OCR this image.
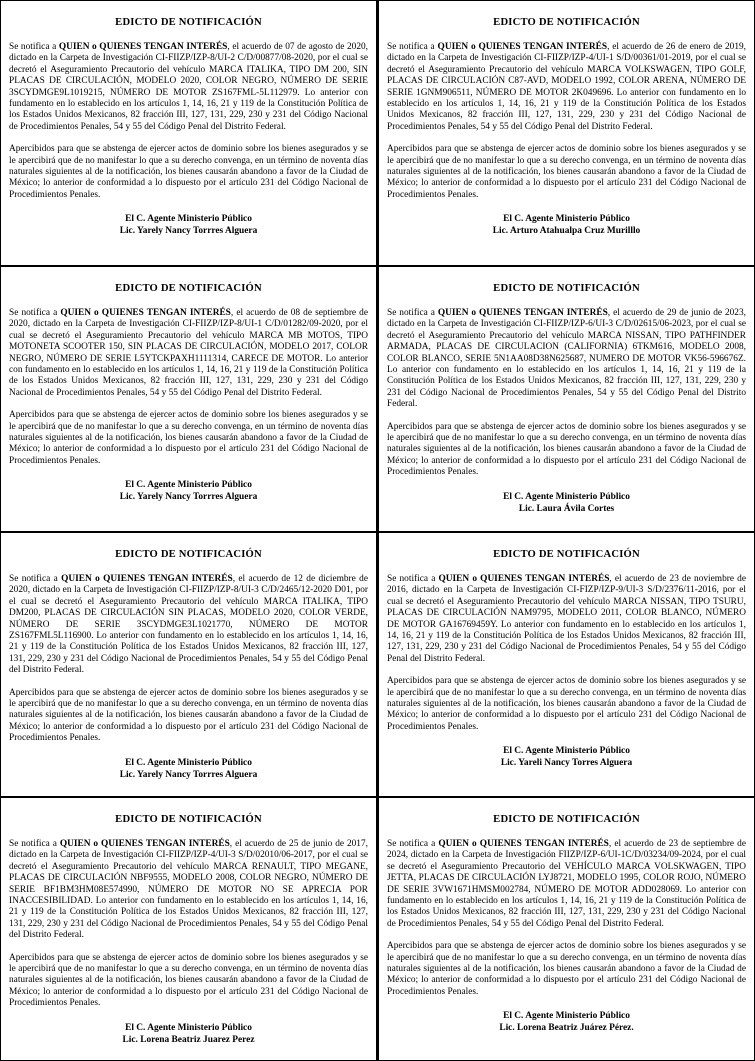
EDICTO DE NOTIFICACIÓN
Se notifica a QUIEN o QUIENES TENGAN INTERÉS, el acuerdo de 07 de agosto de 2020, dictado en la Carpeta de Investigación CI-FIIZP/IZP-8/UI-2 C/D/00877/08-2020, por el cual se decretó el Aseguramiento Precautorio del vehículo MARCA ITALIKA, TIPO DM 200, SIN PLACAS DE CIRCULACIÓN, MODELO 2020, COLOR NEGRO, NÚMERO DE SERIE 3SCYDMGE9L1019215, NÚMERO DE MOTOR ZS167FML-5L112979. Lo anterior con fundamento en lo establecido en los artículos 1, 14, 16, 21 y 119 de la Constitución Política de los Estados Unidos Mexicanos, 82 fracción III, 127, 131, 229, 230 y 231 del Código Nacional de Procedimientos Penales, 54 y 55 del Código Penal del Distrito Federal.
Apercibidos para que se abstenga de ejercer actos de dominio sobre los bienes asegurados y se le apercibirá que de no manifestar lo que a su derecho convenga, en un término de noventa días naturales siguientes al de la notificación, los bienes causarán abandono a favor de la Ciudad de México; lo anterior de conformidad a lo dispuesto por el artículo 231 del Código Nacional de Procedimientos Penales.
El C. Agente Ministerio Público
Lic. Yarely Nancy Torrres Alguera
EDICTO DE NOTIFICACIÓN
Se notifica a QUIEN o QUIENES TENGAN INTERÉS, el acuerdo de 26 de enero de 2019, dictado en la Carpeta de Investigación CI-FIIZP/IZP-4/UI-1 S/D/00361/01-2019, por el cual se decretó el Aseguramiento Precautorio del vehículo MARCA VOLKSWAGEN, TIPO GOLF, PLACAS DE CIRCULACIÓN C87-AVD, MODELO 1992, COLOR ARENA, NÚMERO DE SERIE 1GNM906511, NÚMERO DE MOTOR 2K049696. Lo anterior con fundamento en lo establecido en los artículos 1, 14, 16, 21 y 119 de la Constitución Política de los Estados Unidos Mexicanos, 82 fracción III, 127, 131, 229, 230 y 231 del Código Nacional de Procedimientos Penales, 54 y 55 del Código Penal del Distrito Federal.
Apercibidos para que se abstenga de ejercer actos de dominio sobre los bienes asegurados y se le apercibirá que de no manifestar lo que a su derecho convenga, en un término de noventa días naturales siguientes al de la notificación, los bienes causarán abandono a favor de la Ciudad de México; lo anterior de conformidad a lo dispuesto por el artículo 231 del Código Nacional de Procedimientos Penales.
El C. Agente Ministerio Público
Lic. Arturo Atahualpa Cruz Murilllo
EDICTO DE NOTIFICACIÓN
Se notifica a QUIEN o QUIENES TENGAN INTERÉS, el acuerdo de 08 de septiembre de 2020, dictado en la Carpeta de Investigación CI-FIIZP/IZP-8/UI-1 C/D/01282/09-2020, por el cual se decretó el Aseguramiento Precautorio del vehículo MARCA MB MOTOS, TIPO MOTONETA SCOOTER 150, SIN PLACAS DE CIRCULACIÓN, MODELO 2017, COLOR NEGRO, NÚMERO DE SERIE L5YTCKPAXH1111314, CARECE DE MOTOR. Lo anterior con fundamento en lo establecido en los artículos 1, 14, 16, 21 y 119 de la Constitución Política de los Estados Unidos Mexicanos, 82 fracción III, 127, 131, 229, 230 y 231 del Código Nacional de Procedimientos Penales, 54 y 55 del Código Penal del Distrito Federal.
Apercibidos para que se abstenga de ejercer actos de dominio sobre los bienes asegurados y se le apercibirá que de no manifestar lo que a su derecho convenga, en un término de noventa días naturales siguientes al de la notificación, los bienes causarán abandono a favor de la Ciudad de México; lo anterior de conformidad a lo dispuesto por el artículo 231 del Código Nacional de Procedimientos Penales.
El C. Agente Ministerio Público
Lic. Yarely Nancy Torrres Alguera
EDICTO DE NOTIFICACIÓN
Se notifica a QUIEN o QUIENES TENGAN INTERÉS, el acuerdo de 29 de junio de 2023, dictado en la Carpeta de Investigación CI-FIIZP/IZP-6/UI-3 C/D/02615/06-2023, por el cual se decretó el Aseguramiento Precautorio del vehículo MARCA NISSAN, TIPO PATHFINDER ARMADA, PLACAS DE CIRCULACION (CALIFORNIA) 6TKM616, MODELO 2008, COLOR BLANCO, SERIE 5N1AA08D38N625687, NUMERO DE MOTOR VK56-596676Z. Lo anterior con fundamento en lo establecido en los artículos 1, 14, 16, 21 y 119 de la Constitución Política de los Estados Unidos Mexicanos, 82 fracción III, 127, 131, 229, 230 y 231 del Código Nacional de Procedimientos Penales, 54 y 55 del Código Penal del Distrito Federal.
Apercibidos para que se abstenga de ejercer actos de dominio sobre los bienes asegurados y se le apercibirá que de no manifestar lo que a su derecho convenga, en un término de noventa días naturales siguientes al de la notificación, los bienes causarán abandono a favor de la Ciudad de México; lo anterior de conformidad a lo dispuesto por el artículo 231 del Código Nacional de Procedimientos Penales.
El C. Agente Ministerio Público
Lic. Laura Ávila Cortes
EDICTO DE NOTIFICACIÓN
Se notifica a QUIEN o QUIENES TENGAN INTERÉS, el acuerdo de 12 de diciembre de 2020, dictado en la Carpeta de Investigación CI-FIIZP/IZP-8/UI-3 C/D/2465/12-2020 D01, por el cual se decretó el Aseguramiento Precautorio del vehículo MARCA ITALIKA, TIPO DM200, PLACAS DE CIRCULACIÓN SIN PLACAS, MODELO 2020, COLOR VERDE, NÚMERO DE SERIE 3SCYDMGE3L1021770, NÚMERO DE MOTOR ZS167FML5L116900. Lo anterior con fundamento en lo establecido en los artículos 1, 14, 16, 21 y 119 de la Constitución Política de los Estados Unidos Mexicanos, 82 fracción III, 127, 131, 229, 230 y 231 del Código Nacional de Procedimientos Penales, 54 y 55 del Código Penal del Distrito Federal.
Apercibidos para que se abstenga de ejercer actos de dominio sobre los bienes asegurados y se le apercibirá que de no manifestar lo que a su derecho convenga, en un término de noventa días naturales siguientes al de la notificación, los bienes causarán abandono a favor de la Ciudad de México; lo anterior de conformidad a lo dispuesto por el artículo 231 del Código Nacional de Procedimientos Penales.
El C. Agente Ministerio Público
Lic. Yarely Nancy Torrres Alguera
EDICTO DE NOTIFICACIÓN
Se notifica a QUIEN o QUIENES TENGAN INTERÉS, el acuerdo de 23 de noviembre de 2016, dictado en la Carpeta de Investigación CI-FIZP/IZP-9/UI-3 S/D/2376/11-2016, por el cual se decretó el Aseguramiento Precautorio del vehículo MARCA NISSAN, TIPO TSURU, PLACAS DE CIRCULACIÓN NAM9795, MODELO 2011, COLOR BLANCO, NÚMERO DE MOTOR GA16769459Y. Lo anterior con fundamento en lo establecido en los artículos 1, 14, 16, 21 y 119 de la Constitución Política de los Estados Unidos Mexicanos, 82 fracción III, 127, 131, 229, 230 y 231 del Código Nacional de Procedimientos Penales, 54 y 55 del Código Penal del Distrito Federal.
Apercibidos para que se abstenga de ejercer actos de dominio sobre los bienes asegurados y se le apercibirá que de no manifestar lo que a su derecho convenga, en un término de noventa días naturales siguientes al de la notificación, los bienes causarán abandono a favor de la Ciudad de México; lo anterior de conformidad a lo dispuesto por el artículo 231 del Código Nacional de Procedimientos Penales.
El C. Agente Ministerio Público
Lic. Yareli Nancy Torres Alguera
EDICTO DE NOTIFICACIÓN
Se notifica a QUIEN o QUIENES TENGAN INTERÉS, el acuerdo de 25 de junio de 2017, dictado en la Carpeta de Investigación CI-FIIZP/IZP-4/UI-3 S/D/02010/06-2017, por el cual se decretó el Aseguramiento Precautorio del vehículo MARCA RENAULT, TIPO MEGANE, PLACAS DE CIRCULACIÓN NBF9555, MODELO 2008, COLOR NEGRO, NÚMERO DE SERIE BF1BM3HM08E574990, NÚMERO DE MOTOR NO SE APRECIA POR INACCESIBILIDAD. Lo anterior con fundamento en lo establecido en los artículos 1, 14, 16, 21 y 119 de la Constitución Política de los Estados Unidos Mexicanos, 82 fracción III, 127, 131, 229, 230 y 231 del Código Nacional de Procedimientos Penales, 54 y 55 del Código Penal del Distrito Federal.
Apercibidos para que se abstenga de ejercer actos de dominio sobre los bienes asegurados y se le apercibirá que de no manifestar lo que a su derecho convenga, en un término de noventa días naturales siguientes al de la notificación, los bienes causarán abandono a favor de la Ciudad de México; lo anterior de conformidad a lo dispuesto por el artículo 231 del Código Nacional de Procedimientos Penales.
El C. Agente Ministerio Público
Lic. Lorena Beatriz Juarez Perez
EDICTO DE NOTIFICACIÓN
Se notifica a QUIEN o QUIENES TENGAN INTERÉS, el acuerdo de 23 de septiembre de 2024, dictado en la Carpeta de Investigación FIIZP/IZP-6/UI-1C/D/03234/09-2024, por el cual se decretó el Aseguramiento Precautorio del VEHÍCULO MARCA VOLSKWAGEN, TIPO JETTA, PLACAS DE CIRCULACIÓN LYJ8721, MODELO 1995, COLOR ROJO, NÚMERO DE SERIE 3VW1671HMSM002784, NÚMERO DE MOTOR ADD028069. Lo anterior con fundamento en lo establecido en los artículos 1, 14, 16, 21 y 119 de la Constitución Política de los Estados Unidos Mexicanos, 82 fracción III, 127, 131, 229, 230 y 231 del Código Nacional de Procedimientos Penales, 54 y 55 del Código Penal del Distrito Federal.
Apercibidos para que se abstenga de ejercer actos de dominio sobre los bienes asegurados y se le apercibirá que de no manifestar lo que a su derecho convenga, en un término de noventa días naturales siguientes al de la notificación, los bienes causarán abandono a favor de la Ciudad de México; lo anterior de conformidad a lo dispuesto por el artículo 231 del Código Nacional de Procedimientos Penales.
El C. Agente Ministerio Público
Lic. Lorena Beatriz Juárez Pérez.
